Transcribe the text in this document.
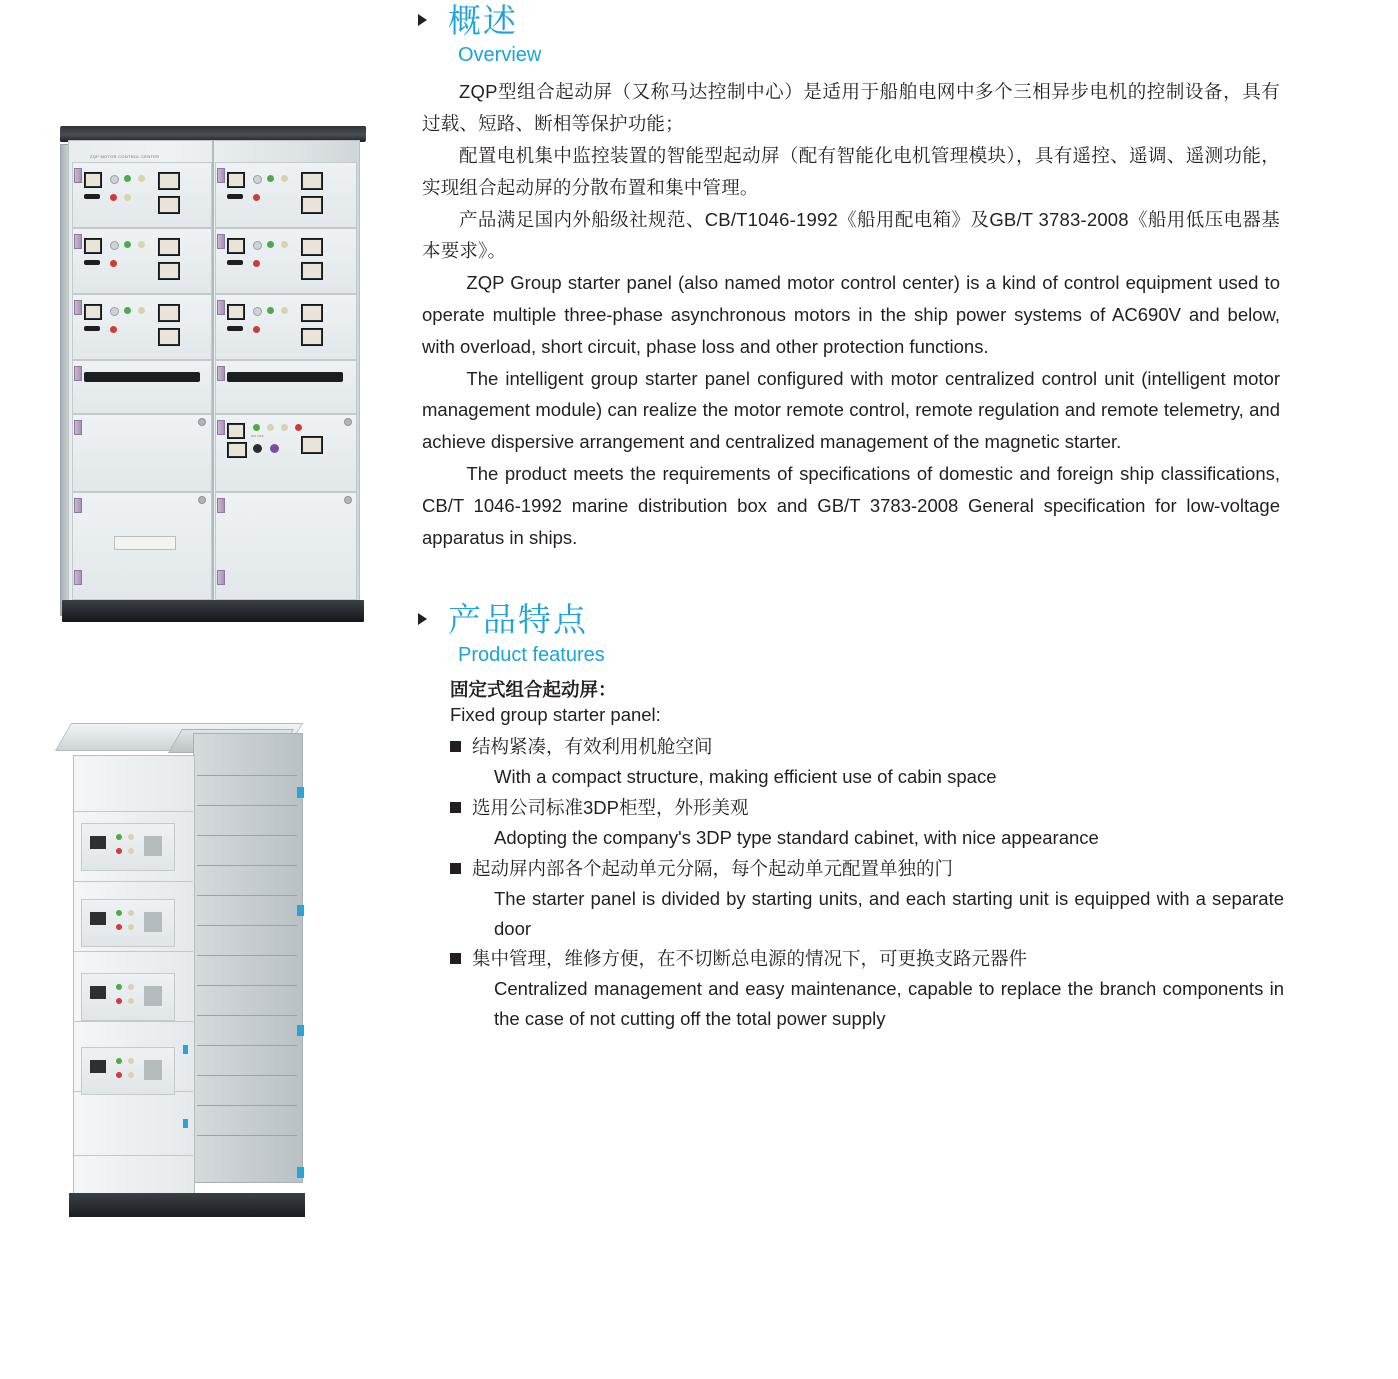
ZQP MOTOR CONTROL CENTER
ON OFF
概述
Overview

ZQP型组合起动屏（又称马达控制中心）是适用于船舶电网中多个三相异步电机的控制设备，具有过载、短路、断相等保护功能；

配置电机集中监控装置的智能型起动屏（配有智能化电机管理模块），具有遥控、遥调、遥测功能，实现组合起动屏的分散布置和集中管理。

产品满足国内外船级社规范、CB/T1046-1992《船用配电箱》及GB/T 3783-2008《船用低压电器基本要求》。

ZQP Group starter panel (also named motor control center) is a kind of control equipment used to operate multiple three-phase asynchronous motors in the ship power systems of AC690V and below, with overload, short circuit, phase loss and other protection functions.

The intelligent group starter panel configured with motor centralized control unit (intelligent motor management module) can realize the motor remote control, remote regulation and remote telemetry, and achieve dispersive arrangement and centralized management of the magnetic starter.

The product meets the requirements of specifications of domestic and foreign ship classifications, CB/T 1046-1992 marine distribution box and GB/T 3783-2008 General specification for low-voltage apparatus in ships.

产品特点
Product features
固定式组合起动屏：
Fixed group starter panel:
结构紧凑，有效利用机舱空间
With a compact structure, making efficient use of cabin space
选用公司标准3DP柜型，外形美观
Adopting the company's 3DP type standard cabinet, with nice appearance
起动屏内部各个起动单元分隔，每个起动单元配置单独的门
The starter panel is divided by starting units, and each starting unit is equipped with a separate door
集中管理，维修方便，在不切断总电源的情况下，可更换支路元器件
Centralized management and easy maintenance, capable to replace the branch components in the case of not cutting off the total power supply
